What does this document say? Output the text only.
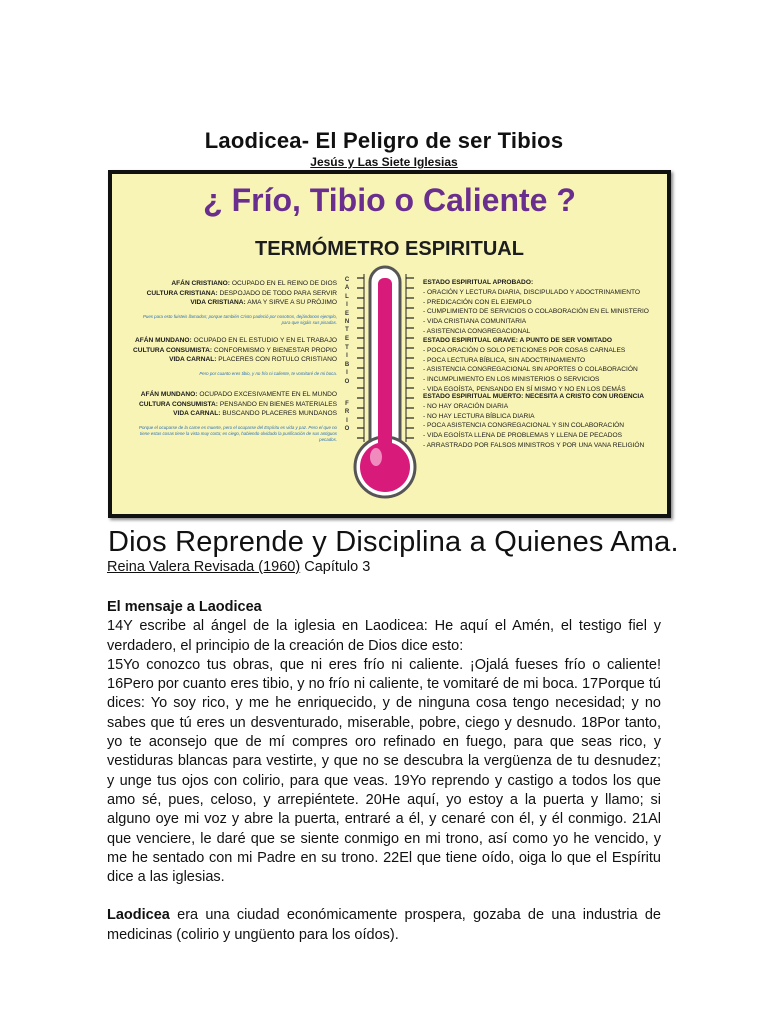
Laodicea- El Peligro de ser Tibios
Jesús y Las Siete Iglesias
¿ Frío, Tibio o Caliente ?
TERMÓMETRO ESPIRITUAL
C
A
L
I
E
N
T
E
T
I
B
I
O
F
R
I
O
AFÁN CRISTIANO: OCUPADO EN EL REINO DE DIOS
CULTURA CRISTIANA: DESPOJADO DE TODO PARA SERVIR
VIDA CRISTIANA: AMA Y SIRVE A SU PRÓJIMO
Pues para esto fuisteis llamados; porque también Cristo padeció por nosotros, dejándonos ejemplo, para que sigáis sus pisadas.
AFÁN MUNDANO: OCUPADO EN EL ESTUDIO Y EN EL TRABAJO
CULTURA CONSUMISTA: CONFORMISMO Y BIENESTAR PROPIO
VIDA CARNAL: PLACERES CON ROTULO CRISTIANO
Pero por cuanto eres tibio, y no frío ni caliente, te vomitaré de mi boca.
AFÁN MUNDANO: OCUPADO EXCESIVAMENTE EN EL MUNDO
CULTURA CONSUMISTA: PENSANDO EN BIENES MATERIALES
VIDA CARNAL: BUSCANDO PLACERES MUNDANOS
Porque el ocuparse de la carne es muerte, pero el ocuparse del Espíritu es vida y paz. Pero el que no tiene estas cosas tiene la vista muy corta; es ciego, habiendo olvidado la purificación de sus antiguos pecados.
ESTADO ESPIRITUAL APROBADO:
- ORACIÓN Y LECTURA DIARIA, DISCIPULADO Y ADOCTRINAMIENTO
- PREDICACIÓN CON EL EJEMPLO
- CUMPLIMIENTO DE SERVICIOS O COLABORACIÓN EN EL MINISTERIO
- VIDA CRISTIANA COMUNITARIA
- ASISTENCIA CONGREGACIONAL
ESTADO ESPIRITUAL GRAVE: A PUNTO DE SER VOMITADO
- POCA ORACIÓN O SOLO PETICIONES POR COSAS CARNALES
- POCA LECTURA BÍBLICA, SIN ADOCTRINAMIENTO
- ASISTENCIA CONGREGACIONAL SIN APORTES O COLABORACIÓN
- INCUMPLIMIENTO EN LOS MINISTERIOS O SERVICIOS
- VIDA EGOÍSTA, PENSANDO EN SÍ MISMO Y NO EN LOS DEMÁS
ESTADO ESPIRITUAL MUERTO: NECESITA A CRISTO CON URGENCIA
- NO HAY ORACIÓN DIARIA
- NO HAY LECTURA BÍBLICA DIARIA
- POCA ASISTENCIA CONGREGACIONAL Y SIN COLABORACIÓN
- VIDA EGOÍSTA LLENA DE PROBLEMAS Y LLENA DE PECADOS
- ARRASTRADO POR FALSOS MINISTROS Y POR UNA VANA RELIGIÓN
Dios Reprende y Disciplina a Quienes Ama.
Reina Valera Revisada (1960) Capítulo 3

El mensaje a Laodicea

14Y escribe al ángel de la iglesia en Laodicea: He aquí el Amén, el testigo fiel y verdadero, el principio de la creación de Dios dice esto:

15Yo conozco tus obras, que ni eres frío ni caliente. ¡Ojalá fueses frío o caliente! 16Pero por cuanto eres tibio, y no frío ni caliente, te vomitaré de mi boca. 17Porque tú dices: Yo soy rico, y me he enriquecido, y de ninguna cosa tengo necesidad; y no sabes que tú eres un desventurado, miserable, pobre, ciego y desnudo. 18Por tanto, yo te aconsejo que de mí compres oro refinado en fuego, para que seas rico, y vestiduras blancas para vestirte, y que no se descubra la vergüenza de tu desnudez; y unge tus ojos con colirio, para que veas. 19Yo reprendo y castigo a todos los que amo sé, pues, celoso, y arrepiéntete. 20He aquí, yo estoy a la puerta y llamo; si alguno oye mi voz y abre la puerta, entraré a él, y cenaré con él, y él conmigo. 21Al que venciere, le daré que se siente conmigo en mi trono, así como yo he vencido, y me he sentado con mi Padre en su trono. 22El que tiene oído, oiga lo que el Espíritu dice a las iglesias.

Laodicea era una ciudad económicamente prospera, gozaba de una industria de medicinas (colirio y ungüento para los oídos).
